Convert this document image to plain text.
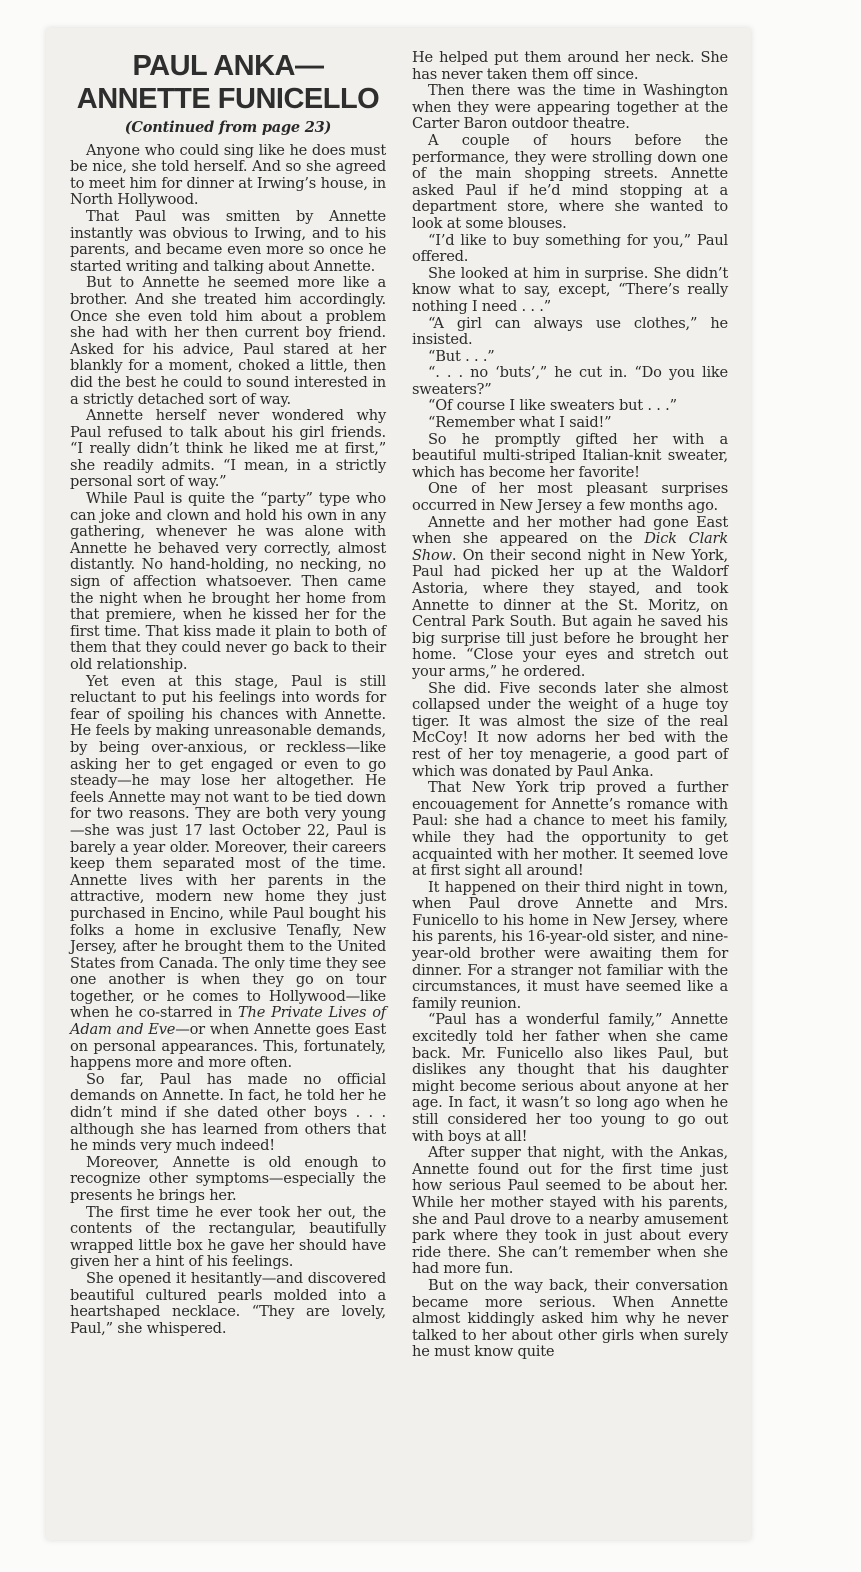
PAUL ANKA—
ANNETTE FUNICELLO
(Continued from page 23)

Anyone who could sing like he does must be nice, she told herself. And so she agreed to meet him for dinner at Irwing’s house, in North Hollywood.

That Paul was smitten by Annette instantly was obvious to Irwing, and to his parents, and became even more so once he started writing and talking about Annette.

But to Annette he seemed more like a brother. And she treated him accordingly. Once she even told him about a problem she had with her then current boy friend. Asked for his advice, Paul stared at her blankly for a moment, choked a little, then did the best he could to sound interested in a strictly detached sort of way.

Annette herself never wondered why Paul refused to talk about his girl friends. “I really didn’t think he liked me at first,” she readily admits. “I mean, in a strictly personal sort of way.”

While Paul is quite the “party” type who can joke and clown and hold his own in any gathering, whenever he was alone with Annette he behaved very correctly, almost distantly. No hand-holding, no necking, no sign of affection whatsoever. Then came the night when he brought her home from that premiere, when he kissed her for the first time. That kiss made it plain to both of them that they could never go back to their old relationship.

Yet even at this stage, Paul is still reluctant to put his feelings into words for fear of spoiling his chances with Annette. He feels by making unreasonable demands, by being over-anxious, or reckless—like asking her to get engaged or even to go steady—he may lose her altogether. He feels Annette may not want to be tied down for two reasons. They are both very young—she was just 17 last October 22, Paul is barely a year older. Moreover, their careers keep them separated most of the time. Annette lives with her parents in the attractive, modern new home they just purchased in Encino, while Paul bought his folks a home in exclusive Tenafly, New Jersey, after he brought them to the United States from Canada. The only time they see one another is when they go on tour together, or he comes to Hollywood—like when he co-starred in The Private Lives of Adam and Eve—or when Annette goes East on personal appearances. This, fortunately, happens more and more often.

So far, Paul has made no official demands on Annette. In fact, he told her he didn’t mind if she dated other boys . . . although she has learned from others that he minds very much indeed!

Moreover, Annette is old enough to recognize other symptoms—especially the presents he brings her.

The first time he ever took her out, the contents of the rectangular, beautifully wrapped little box he gave her should have given her a hint of his feelings.

She opened it hesitantly—and discovered beautiful cultured pearls molded into a heartshaped necklace. “They are lovely, Paul,” she whispered.

He helped put them around her neck. She has never taken them off since.

Then there was the time in Washington when they were appearing together at the Carter Baron outdoor theatre.

A couple of hours before the performance, they were strolling down one of the main shopping streets. Annette asked Paul if he’d mind stopping at a department store, where she wanted to look at some blouses.

“I’d like to buy something for you,” Paul offered.

She looked at him in surprise. She didn’t know what to say, except, “There’s really nothing I need . . .”

“A girl can always use clothes,” he insisted.

“But . . .”

“. . . no ‘buts’,” he cut in. “Do you like sweaters?”

“Of course I like sweaters but . . .”

“Remember what I said!”

So he promptly gifted her with a beautiful multi-striped Italian-knit sweater, which has become her favorite!

One of her most pleasant surprises occurred in New Jersey a few months ago.

Annette and her mother had gone East when she appeared on the Dick Clark Show. On their second night in New York, Paul had picked her up at the Waldorf Astoria, where they stayed, and took Annette to dinner at the St. Moritz, on Central Park South. But again he saved his big surprise till just before he brought her home. “Close your eyes and stretch out your arms,” he ordered.

She did. Five seconds later she almost collapsed under the weight of a huge toy tiger. It was almost the size of the real McCoy! It now adorns her bed with the rest of her toy menagerie, a good part of which was donated by Paul Anka.

That New York trip proved a further encouagement for Annette’s romance with Paul: she had a chance to meet his family, while they had the opportunity to get acquainted with her mother. It seemed love at first sight all around!

It happened on their third night in town, when Paul drove Annette and Mrs. Funicello to his home in New Jersey, where his parents, his 16-year-old sister, and nine-year-old brother were awaiting them for dinner. For a stranger not familiar with the circumstances, it must have seemed like a family reunion.

“Paul has a wonderful family,” Annette excitedly told her father when she came back. Mr. Funicello also likes Paul, but dislikes any thought that his daughter might become serious about anyone at her age. In fact, it wasn’t so long ago when he still considered her too young to go out with boys at all!

After supper that night, with the Ankas, Annette found out for the first time just how serious Paul seemed to be about her. While her mother stayed with his parents, she and Paul drove to a nearby amusement park where they took in just about every ride there. She can’t remember when she had more fun.

But on the way back, their conversation became more serious. When Annette almost kiddingly asked him why he never talked to her about other girls when surely he must know quite
